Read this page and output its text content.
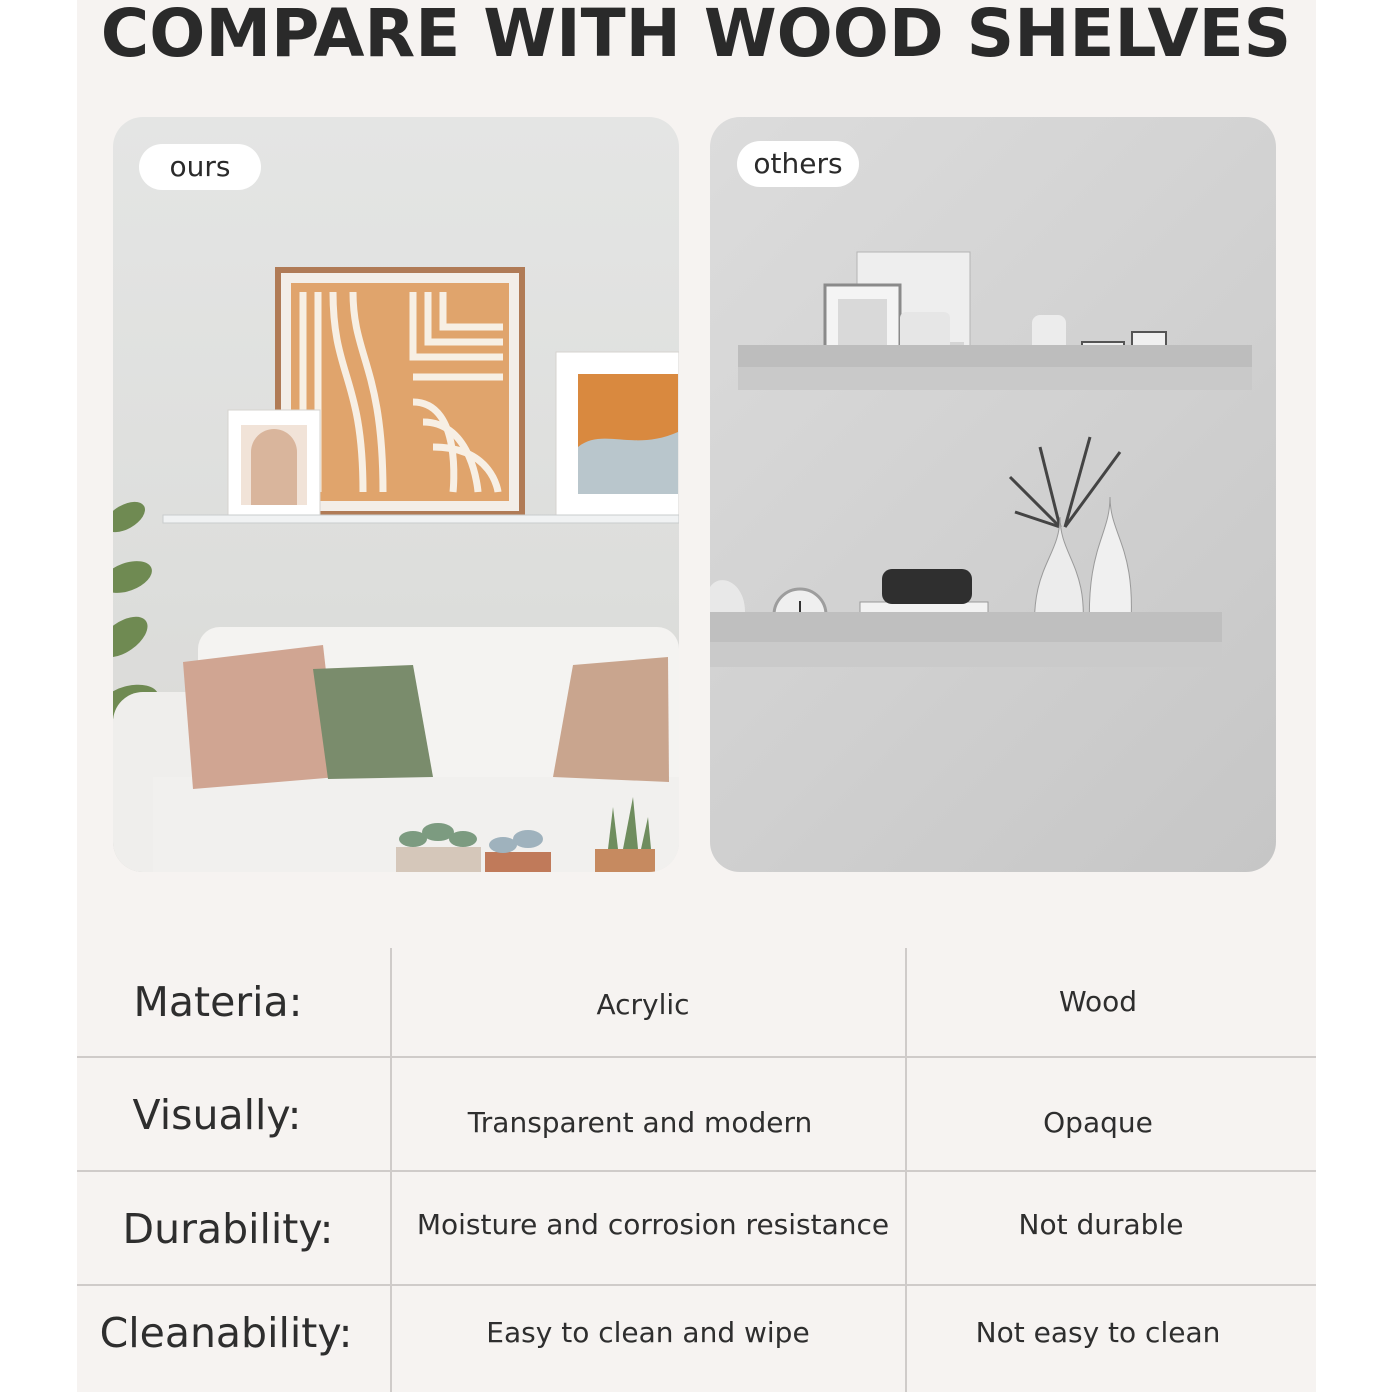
COMPARE WITH WOOD SHELVES
ours	others
Materia:	Acrylic	Wood
Visually:	Transparent and modern	Opaque
Durability:	Moisture and corrosion resistance	Not durable
Cleanability:	Easy to clean and wipe	Not easy to clean
